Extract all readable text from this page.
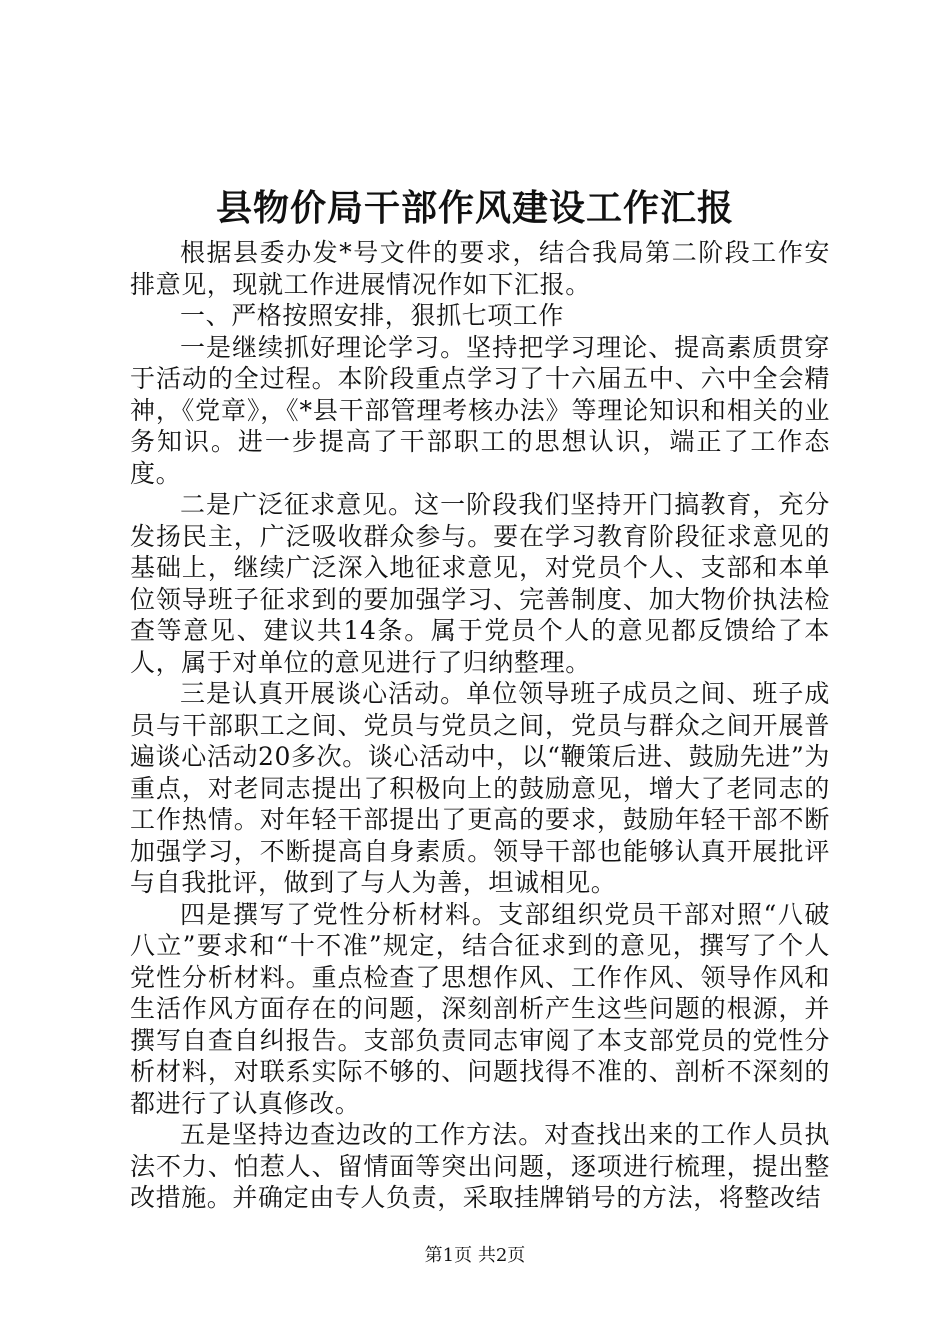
县物价局干部作风建设工作汇报

根据县委办发*号文件的要求，结合我局第二阶段工作安排意见，现就工作进展情况作如下汇报。

一、严格按照安排，狠抓七项工作

一是继续抓好理论学习。坚持把学习理论、提高素质贯穿于活动的全过程。本阶段重点学习了十六届五中、六中全会精神，《党章》，《*县干部管理考核办法》等理论知识和相关的业务知识。进一步提高了干部职工的思想认识，端正了工作态度。

二是广泛征求意见。这一阶段我们坚持开门搞教育，充分发扬民主，广泛吸收群众参与。要在学习教育阶段征求意见的基础上，继续广泛深入地征求意见，对党员个人、支部和本单位领导班子征求到的要加强学习、完善制度、加大物价执法检查等意见、建议共14条。属于党员个人的意见都反馈给了本人，属于对单位的意见进行了归纳整理。

三是认真开展谈心活动。单位领导班子成员之间、班子成员与干部职工之间、党员与党员之间，党员与群众之间开展普遍谈心活动20多次。谈心活动中，以“鞭策后进、鼓励先进”为重点，对老同志提出了积极向上的鼓励意见，增大了老同志的工作热情。对年轻干部提出了更高的要求，鼓励年轻干部不断加强学习，不断提高自身素质。领导干部也能够认真开展批评与自我批评，做到了与人为善，坦诚相见。

四是撰写了党性分析材料。支部组织党员干部对照“八破八立”要求和“十不准”规定，结合征求到的意见，撰写了个人党性分析材料。重点检查了思想作风、工作作风、领导作风和生活作风方面存在的问题，深刻剖析产生这些问题的根源，并撰写自查自纠报告。支部负责同志审阅了本支部党员的党性分析材料，对联系实际不够的、问题找得不准的、剖析不深刻的都进行了认真修改。

五是坚持边查边改的工作方法。对查找出来的工作人员执法不力、怕惹人、留情面等突出问题，逐项进行梳理，提出整改措施。并确定由专人负责，采取挂牌销号的方法，将整改结

第1页 共2页
